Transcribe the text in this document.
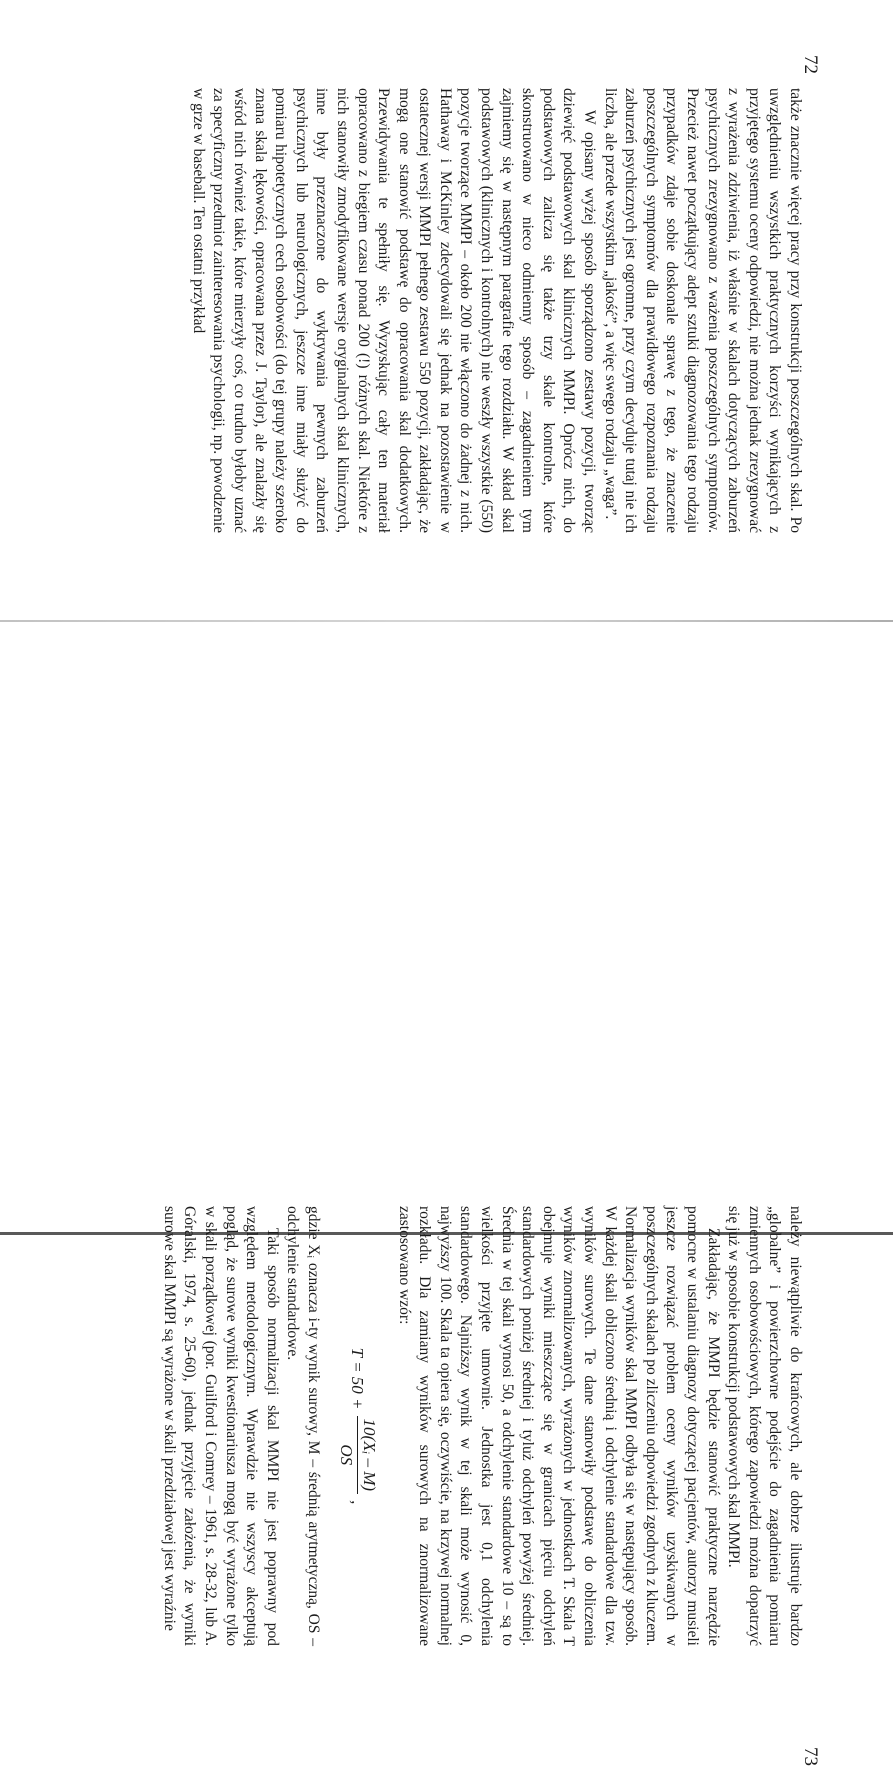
72

także znacznie więcej pracy przy konstrukcji poszczególnych skal. Po uwzględnieniu wszystkich praktycznych korzyści wynikających z przyjętego systemu oceny odpowiedzi, nie można jednak zrezygnować z wyrażenia zdziwienia, iż właśnie w skalach dotyczących zaburzeń psychicznych zrezygnowano z ważenia poszczególnych symptomów. Przecież nawet początkujący adept sztuki diagnozowania tego rodzaju przypadków zdaje sobie doskonale sprawę z tego, że znaczenie poszczególnych symptomów dla prawidłowego rozpoznania rodzaju zaburzeń psychicznych jest ogromne, przy czym decyduje tutaj nie ich liczba, ale przede wszystkim „jakość”, a więc swego rodzaju „waga”.

W opisany wyżej sposób sporządzono zestawy pozycji, tworząc dziewięć podstawowych skal klinicznych MMPI. Oprócz nich, do podstawowych zalicza się także trzy skale kontrolne, które skonstruowano w nieco odmienny sposób – zagadnieniem tym zajmiemy się w następnym paragrafie tego rozdziału. W skład skal podstawowych (klinicznych i kontrolnych) nie weszły wszystkie (550) pozycje tworzące MMPI – około 200 nie włączono do żadnej z nich. Hathaway i McKinley zdecydowali się jednak na pozostawienie w ostatecznej wersji MMPI pełnego zestawu 550 pozycji, zakładając, że mogą one stanowić podstawę do opracowania skal dodatkowych. Przewidywania te spełniły się. Wyzyskując cały ten materiał opracowano z biegiem czasu ponad 200 (!) różnych skal. Niektóre z nich stanowiły zmodyfikowane wersje oryginalnych skal klinicznych, inne były przeznaczone do wykrywania pewnych zaburzeń psychicznych lub neurologicznych, jeszcze inne miały służyć do pomiaru hipotetycznych cech osobowości (do tej grupy należy szeroko znana skala lękowości, opracowana przez J. Taylor), ale znalazły się wśród nich również takie, które mierzyły coś, co trudno byłoby uznać za specyficzny przedmiot zainteresowania psychologii, np. powodzenie w grze w baseball. Ten ostatni przykład

należy niewątpliwie do krańcowych, ale dobrze ilustruje bardzo „globalne” i powierzchowne podejście do zagadnienia pomiaru zmiennych osobowościowych, którego zapowiedzi można dopatrzyć się już w sposobie konstrukcji podstawowych skal MMPI.

Zakładając, że MMPI będzie stanowić praktyczne narzędzie pomocne w ustalaniu diagnozy dotyczącej pacjentów, autorzy musieli jeszcze rozwiązać problem oceny wyników uzyskiwanych w poszczególnych skalach po zliczeniu odpowiedzi zgodnych z kluczem. Normalizacja wyników skal MMPI odbyła się w następujący sposób. W każdej skali obliczono średnią i odchylenie standardowe dla tzw. wyników surowych. Te dane stanowiły podstawę do obliczenia wyników znormalizowanych, wyrażonych w jednostkach T. Skala T obejmuje wyniki mieszczące się w granicach pięciu odchyleń standardowych poniżej średniej i tyluż odchyleń powyżej średniej. Średnia w tej skali wynosi 50, a odchylenie standardowe 10 – są to wielkości przyjęte umownie. Jednostka jest 0,1 odchylenia standardowego. Najniższy wynik w tej skali może wynosić 0, najwyższy 100. Skala ta opiera się, oczywiście, na krzywej normalnej rozkładu. Dla zamiany wyników surowych na znormalizowane zastosowano wzór:

T = 50 +
10(Xᵢ – M)
OS
,

gdzie Xᵢ oznacza i-ty wynik surowy, M – średnią arytmetyczną, OS – odchylenie standardowe.

Taki sposób normalizacji skal MMPI nie jest poprawny pod względem metodologicznym. Wprawdzie nie wszyscy akceptują pogląd, że surowe wyniki kwestionariusza mogą być wyrażone tylko w skali porządkowej (por. Guilford i Comrey – 1961, s. 28-32, lub A. Góralski, 1974, s. 25-60), jednak przyjęcie założenia, że wyniki surowe skal MMPI są wyrażone w skali przedziałowej jest wyraźnie

73
